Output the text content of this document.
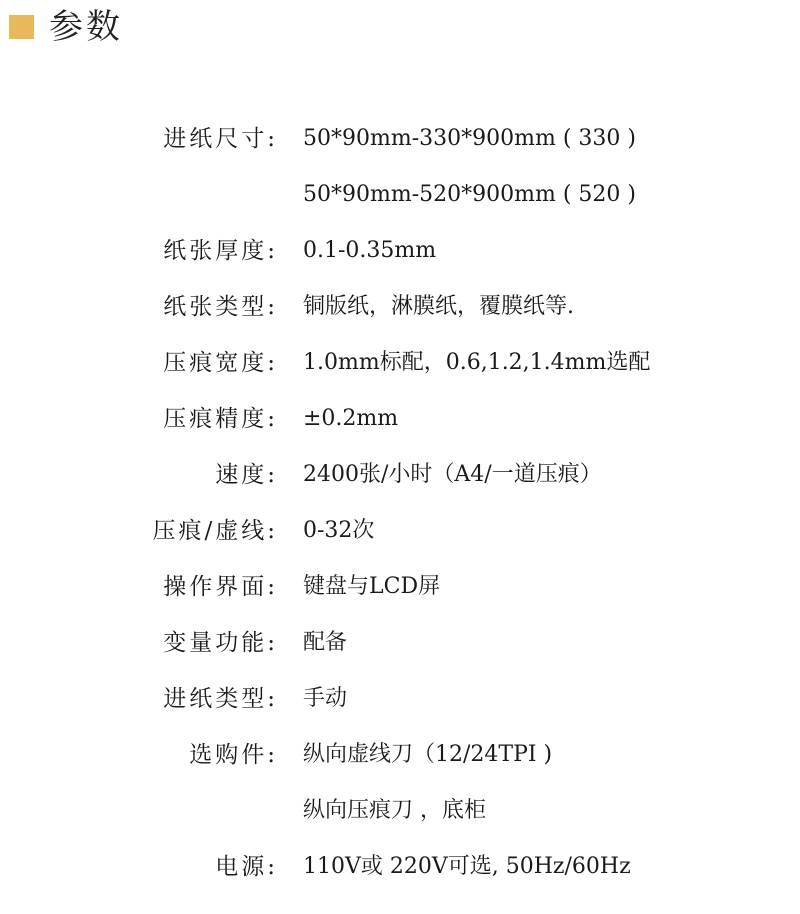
参数
进纸尺寸: 50*90mm-330*900mm ( 330 )
50*90mm-520*900mm ( 520 )
纸张厚度: 0.1-0.35mm
纸张类型: 铜版纸，淋膜纸，覆膜纸等.
压痕宽度: 1.0mm标配，0.6,1.2,1.4mm选配
压痕精度: ±0.2mm
速度: 2400张/小时（A4/一道压痕）
压痕/虚线: 0-32次
操作界面: 键盘与LCD屏
变量功能: 配备
进纸类型: 手动
选购件: 纵向虚线刀（12/24TPI )
纵向压痕刀 ，底柜
电源: 110V或 220V可选, 50Hz/60Hz
